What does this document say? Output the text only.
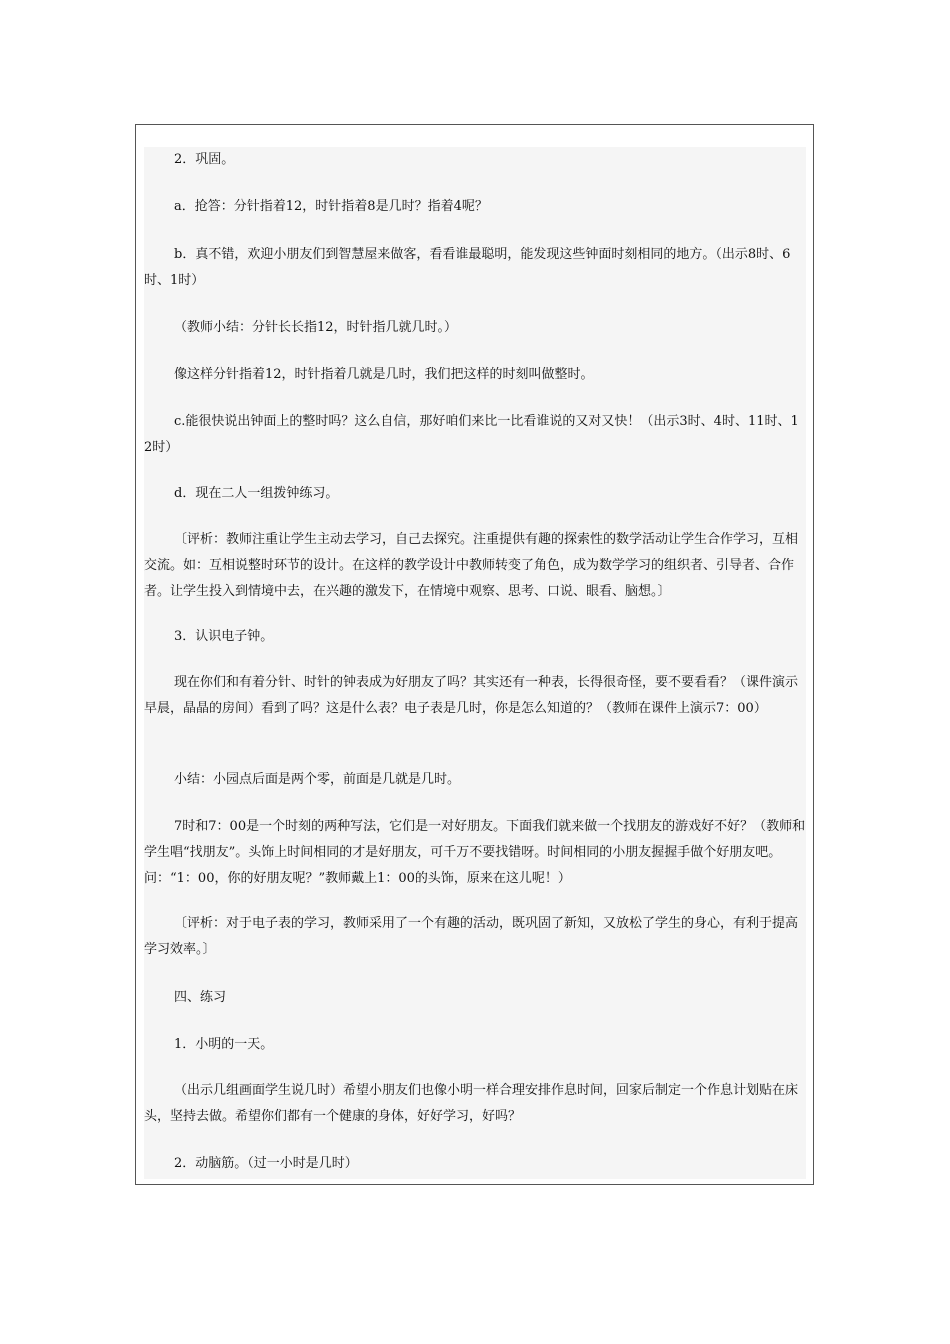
2．巩固。

a．抢答：分针指着12，时针指着8是几时？指着4呢？

b．真不错，欢迎小朋友们到智慧屋来做客，看看谁最聪明，能发现这些钟面时刻相同的地方。（出示8时、6时、1时）

（教师小结：分针长长指12，时针指几就几时。）

像这样分针指着12，时针指着几就是几时，我们把这样的时刻叫做整时。

c.能很快说出钟面上的整时吗？这么自信，那好咱们来比一比看谁说的又对又快！（出示3时、4时、11时、12时）

d．现在二人一组拨钟练习。

〔评析：教师注重让学生主动去学习，自己去探究。注重提供有趣的探索性的数学活动让学生合作学习，互相交流。如：互相说整时环节的设计。在这样的教学设计中教师转变了角色，成为数学学习的组织者、引导者、合作者。让学生投入到情境中去，在兴趣的激发下，在情境中观察、思考、口说、眼看、脑想。〕

3．认识电子钟。

现在你们和有着分针、时针的钟表成为好朋友了吗？其实还有一种表，长得很奇怪，要不要看看？（课件演示早晨，晶晶的房间）看到了吗？这是什么表？电子表是几时，你是怎么知道的？（教师在课件上演示7：00）

小结：小园点后面是两个零，前面是几就是几时。

7时和7：00是一个时刻的两种写法，它们是一对好朋友。下面我们就来做一个找朋友的游戏好不好？（教师和学生唱“找朋友”。头饰上时间相同的才是好朋友，可千万不要找错呀。时间相同的小朋友握握手做个好朋友吧。问：“1：00，你的好朋友呢？”教师戴上1：00的头饰，原来在这儿呢！）

〔评析：对于电子表的学习，教师采用了一个有趣的活动，既巩固了新知，又放松了学生的身心，有利于提高学习效率。〕

四、练习

1．小明的一天。

（出示几组画面学生说几时）希望小朋友们也像小明一样合理安排作息时间，回家后制定一个作息计划贴在床头，坚持去做。希望你们都有一个健康的身体，好好学习，好吗？

2．动脑筋。（过一小时是几时）
